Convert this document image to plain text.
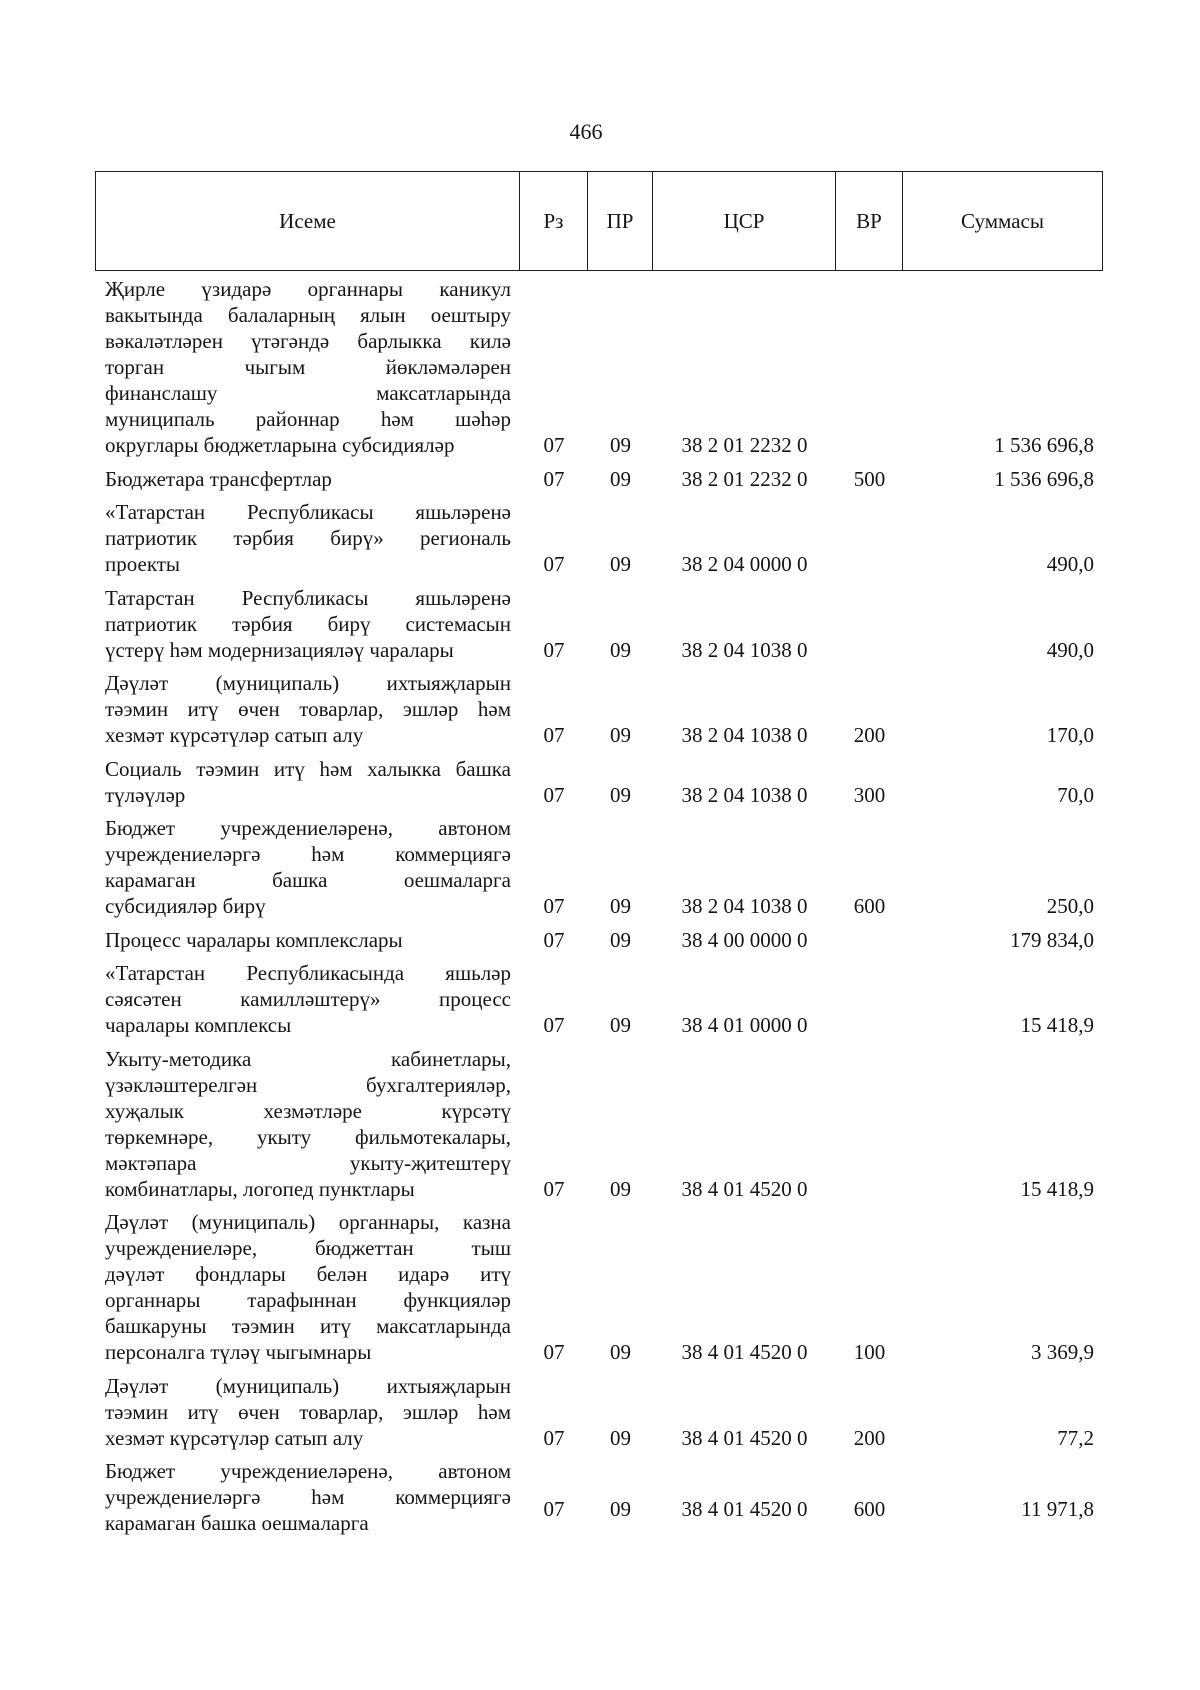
466
Исеме	Рз	ПР	ЦСР	ВР	Суммасы
Җирле үзидарә органнары каникул
вакытында балаларның ялын оештыру
вәкаләтләрен үтәгәндә барлыкка килә
торган чыгым йөкләмәләрен
финанслашу максатларында
муниципаль районнар һәм шәһәр
округлары бюджетларына субсидияләр	07	09	38 2 01 2232 0	1 536 696,8
Бюджетара трансфертлар	07	09	38 2 01 2232 0	500	1 536 696,8
«Татарстан Республикасы яшьләренә
патриотик тәрбия бирү» региональ
проекты	07	09	38 2 04 0000 0	490,0
Татарстан Республикасы яшьләренә
патриотик тәрбия бирү системасын
үстерү һәм модернизацияләү чаралары	07	09	38 2 04 1038 0	490,0
Дәүләт (муниципаль) ихтыяҗларын
тәэмин итү өчен товарлар, эшләр һәм
хезмәт күрсәтүләр сатып алу	07	09	38 2 04 1038 0	200	170,0
Социаль тәэмин итү һәм халыкка башка
түләүләр	07	09	38 2 04 1038 0	300	70,0
Бюджет учреждениеләренә, автоном
учреждениеләргә һәм коммерциягә
карамаган башка оешмаларга
субсидияләр бирү	07	09	38 2 04 1038 0	600	250,0
Процесс чаралары комплекслары	07	09	38 4 00 0000 0	179 834,0
«Татарстан Республикасында яшьләр
сәясәтен камилләштерү» процесс
чаралары комплексы	07	09	38 4 01 0000 0	15 418,9
Укыту-методика кабинетлары,
үзәкләштерелгән бухгалтерияләр,
хуҗалык хезмәтләре күрсәтү
төркемнәре, укыту фильмотекалары,
мәктәпара укыту-җитештерү
комбинатлары, логопед пунктлары	07	09	38 4 01 4520 0	15 418,9
Дәүләт (муниципаль) органнары, казна
учреждениеләре, бюджеттан тыш
дәүләт фондлары белән идарә итү
органнары тарафыннан функцияләр
башкаруны тәэмин итү максатларында
персоналга түләү чыгымнары	07	09	38 4 01 4520 0	100	3 369,9
Дәүләт (муниципаль) ихтыяҗларын
тәэмин итү өчен товарлар, эшләр һәм
хезмәт күрсәтүләр сатып алу	07	09	38 4 01 4520 0	200	77,2
Бюджет учреждениеләренә, автоном
учреждениеләргә һәм коммерциягә
карамаган башка оешмаларга
07	09	38 4 01 4520 0	600	11 971,8
